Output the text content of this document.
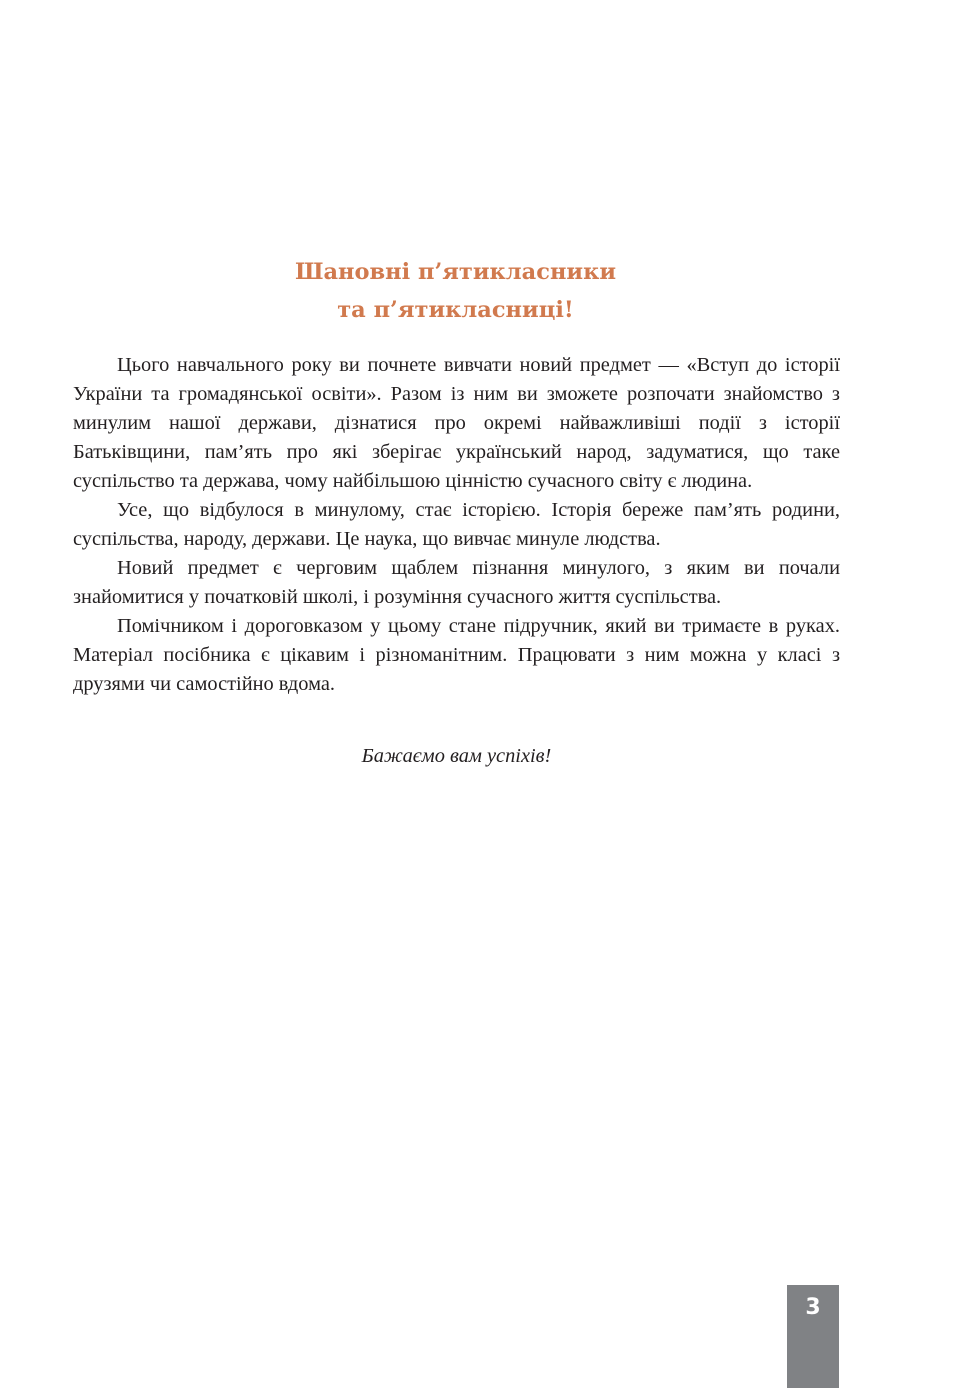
Шановні п’ятикласники
та п’ятикласниці!

Цього навчального року ви почнете вивчати новий предмет — «Вступ до історії України та громадянської освіти». Разом із ним ви зможете розпочати знайомство з минулим нашої держави, дізнатися про окремі найважливіші події з історії Батьківщини, пам’ять про які зберігає український народ, задуматися, що таке суспільство та держава, чому найбільшою цінністю сучасного світу є людина.

Усе, що відбулося в минулому, стає історією. Історія береже пам’ять родини, суспільства, народу, держави. Це наука, що вивчає минуле людства.

Новий предмет є черговим щаблем пізнання минулого, з яким ви почали знайомитися у початковій школі, і розуміння сучасного життя суспільства.

Помічником і дороговказом у цьому стане підручник, який ви тримаєте в руках. Матеріал посібника є цікавим і різноманітним. Працювати з ним можна у класі з друзями чи самостійно вдома.

Бажаємо вам успіхів!
3
